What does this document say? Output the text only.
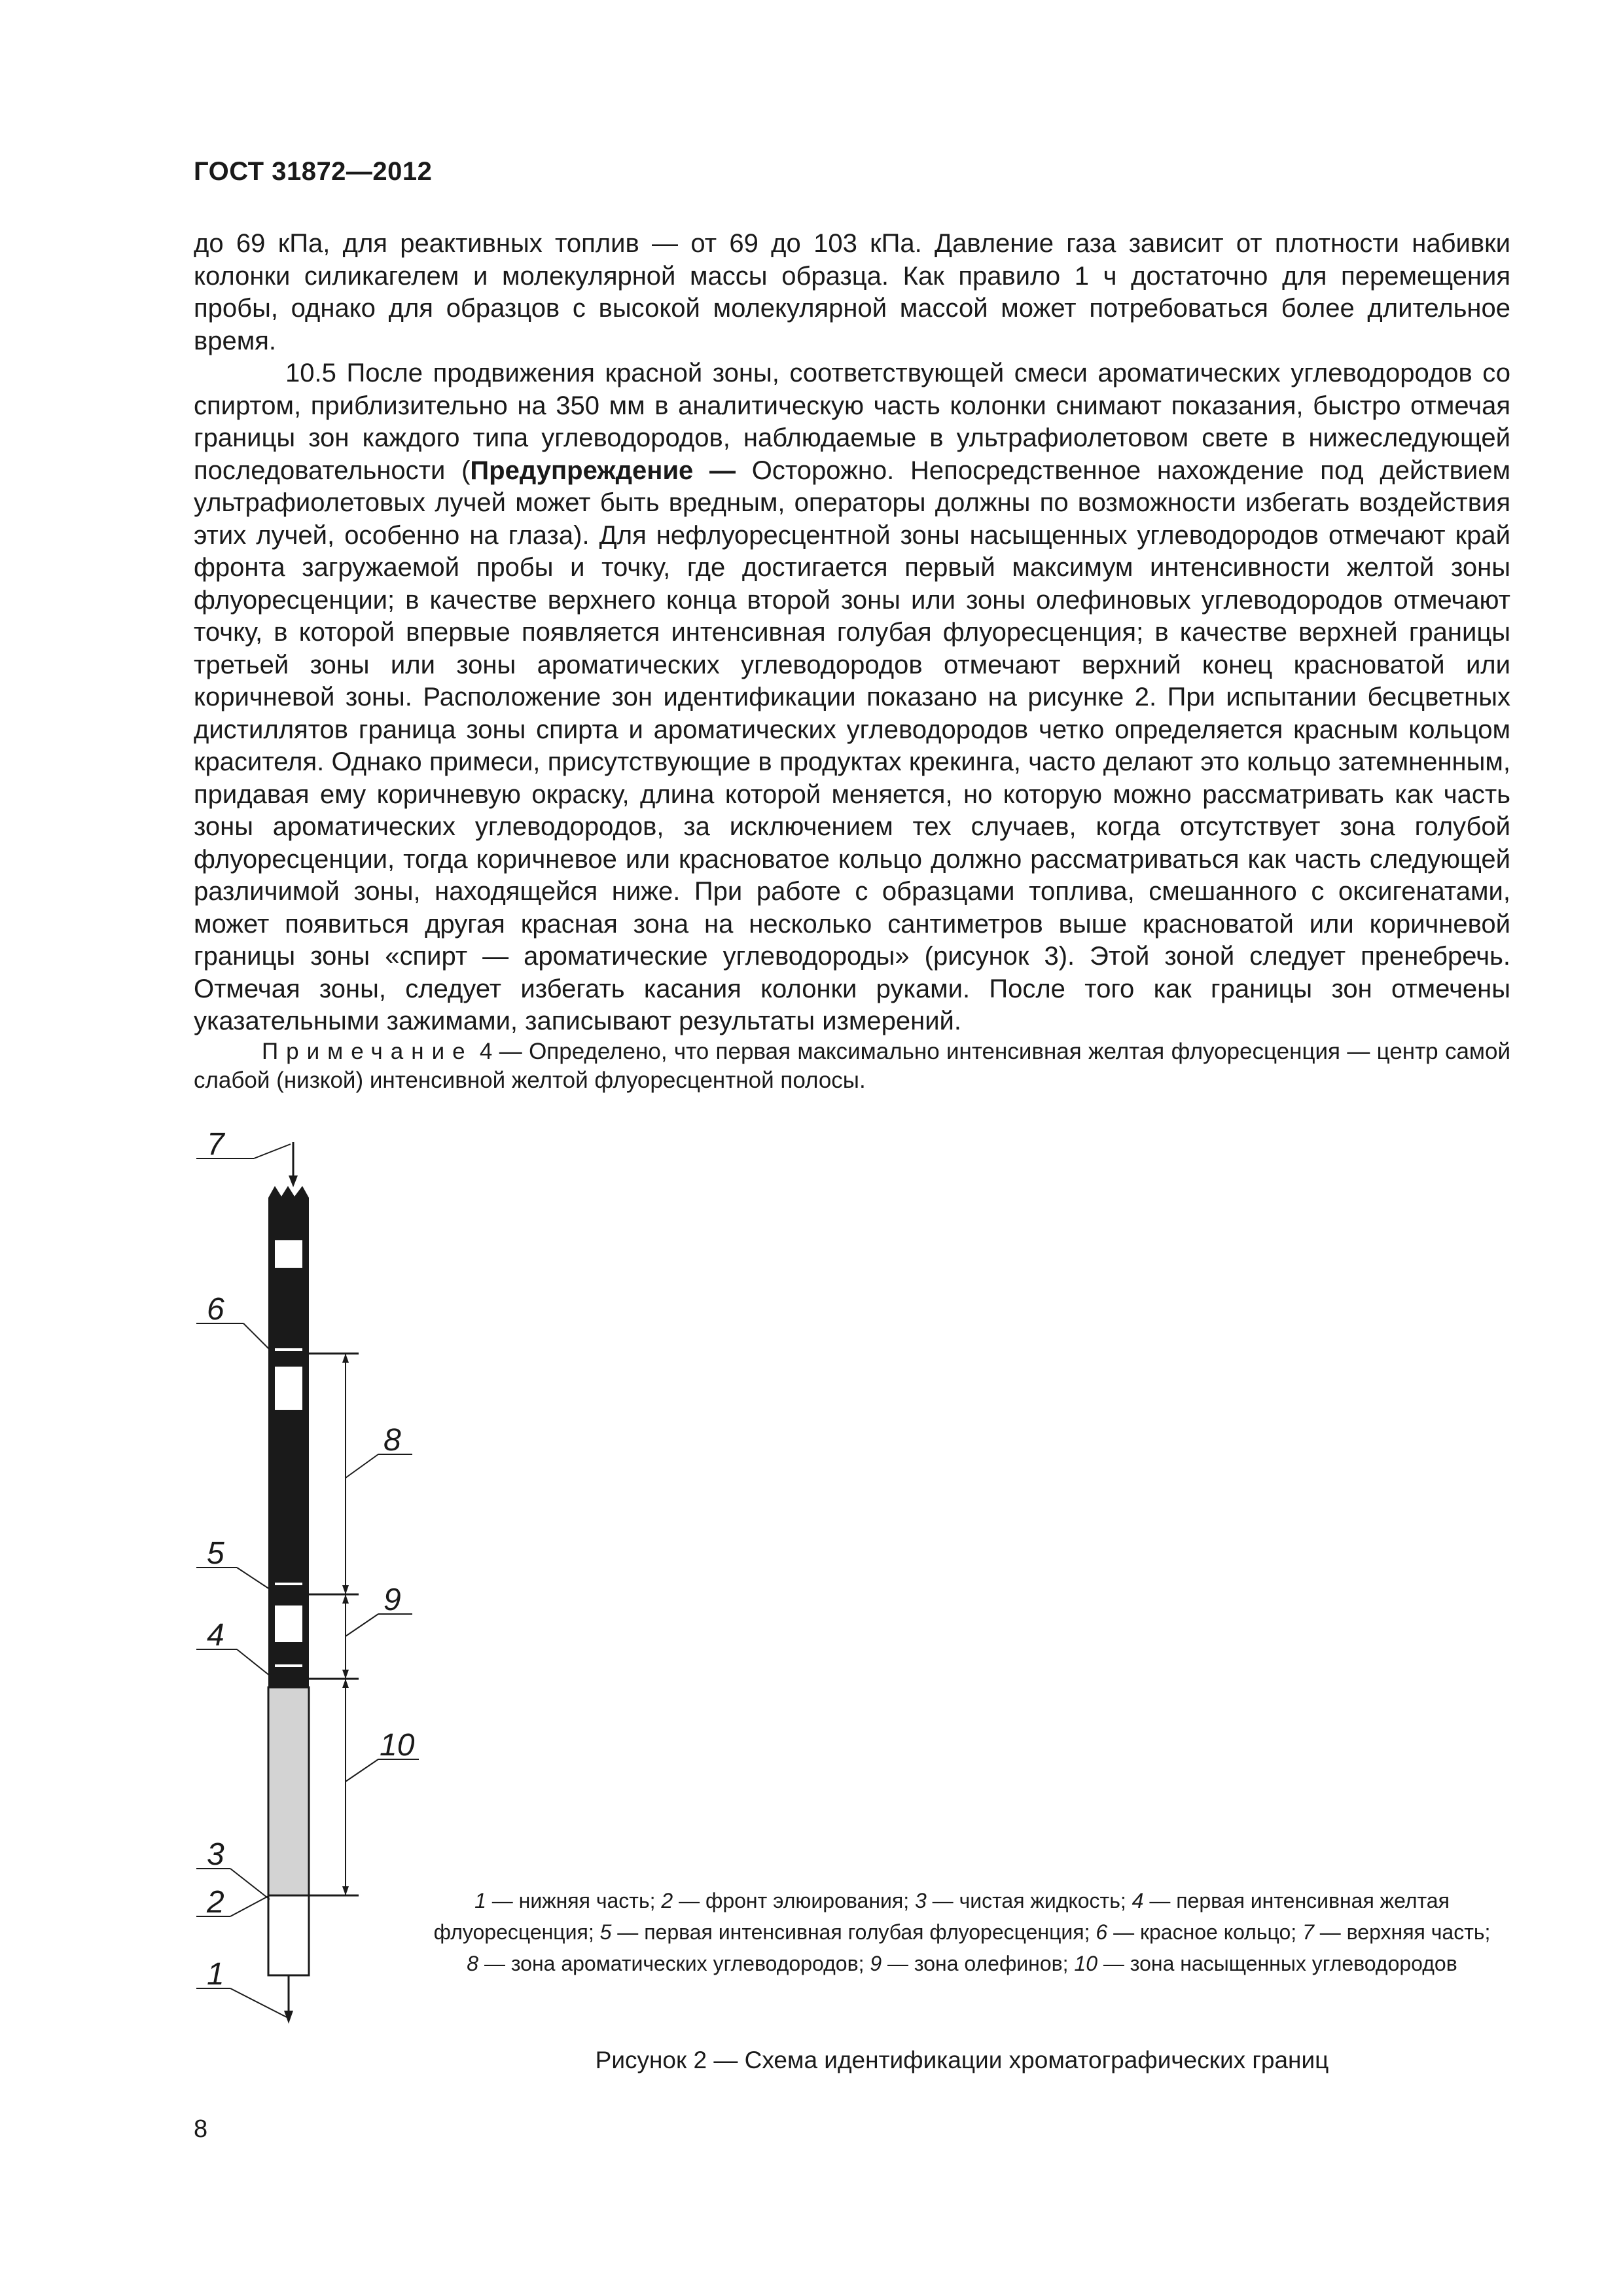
ГОСТ 31872—2012

до 69 кПа, для реактивных топлив — от 69 до 103 кПа. Давление газа зависит от плотности набивки колонки силикагелем и молекулярной массы образца. Как правило 1 ч достаточно для перемещения пробы, однако для образцов с высокой молекулярной массой может потребоваться более длительное время.

10.5 После продвижения красной зоны, соответствующей смеси ароматических углеводородов со спиртом, приблизительно на 350 мм в аналитическую часть колонки снимают показания, быстро отмечая границы зон каждого типа углеводородов, наблюдаемые в ультрафиолетовом свете в нижеследующей последовательности (Предупреждение — Осторожно. Непосредственное нахождение под действием ультрафиолетовых лучей может быть вредным, операторы должны по возможности избегать воздействия этих лучей, особенно на глаза). Для нефлуоресцентной зоны насыщенных углеводородов отмечают край фронта загружаемой пробы и точку, где достигается первый максимум интенсивности желтой зоны флуоресценции; в качестве верхнего конца второй зоны или зоны олефиновых углеводородов отмечают точку, в которой впервые появляется интенсивная голубая флуоресценция; в качестве верхней границы третьей зоны или зоны ароматических углеводородов отмечают верхний конец красноватой или коричневой зоны. Расположение зон идентификации показано на рисунке 2. При испытании бесцветных дистиллятов граница зоны спирта и ароматических углеводородов четко определяется красным кольцом красителя. Однако примеси, присутствующие в продуктах крекинга, часто делают это кольцо затемненным, придавая ему коричневую окраску, длина которой меняется, но которую можно рассматривать как часть зоны ароматических углеводородов, за исключением тех случаев, когда отсутствует зона голубой флуоресценции, тогда коричневое или красноватое кольцо должно рассматриваться как часть следующей различимой зоны, находящейся ниже. При работе с образцами топлива, смешанного с оксигенатами, может появиться другая красная зона на несколько сантиметров выше красноватой или коричневой границы зоны «спирт — ароматические углеводороды» (рисунок 3). Этой зоной следует пренебречь. Отмечая зоны, следует избегать касания колонки руками. После того как границы зон отмечены указательными зажимами, записывают результаты измерений.

Примечание 4 — Определено, что первая максимально интенсивная желтая флуоресценция — центр самой слабой (низкой) интенсивной желтой флуоресцентной полосы.
7
6
8
5
9
4
10
3
2
1
1 — нижняя часть; 2 — фронт элюирования; 3 — чистая жидкость; 4 — первая интенсивная желтая флуоресценция; 5 — первая интенсивная голубая флуоресценция; 6 — красное кольцо; 7 — верхняя часть;
8 — зона ароматических углеводородов; 9 — зона олефинов; 10 — зона насыщенных углеводородов
Рисунок 2 — Схема идентификации хроматографических границ
8
